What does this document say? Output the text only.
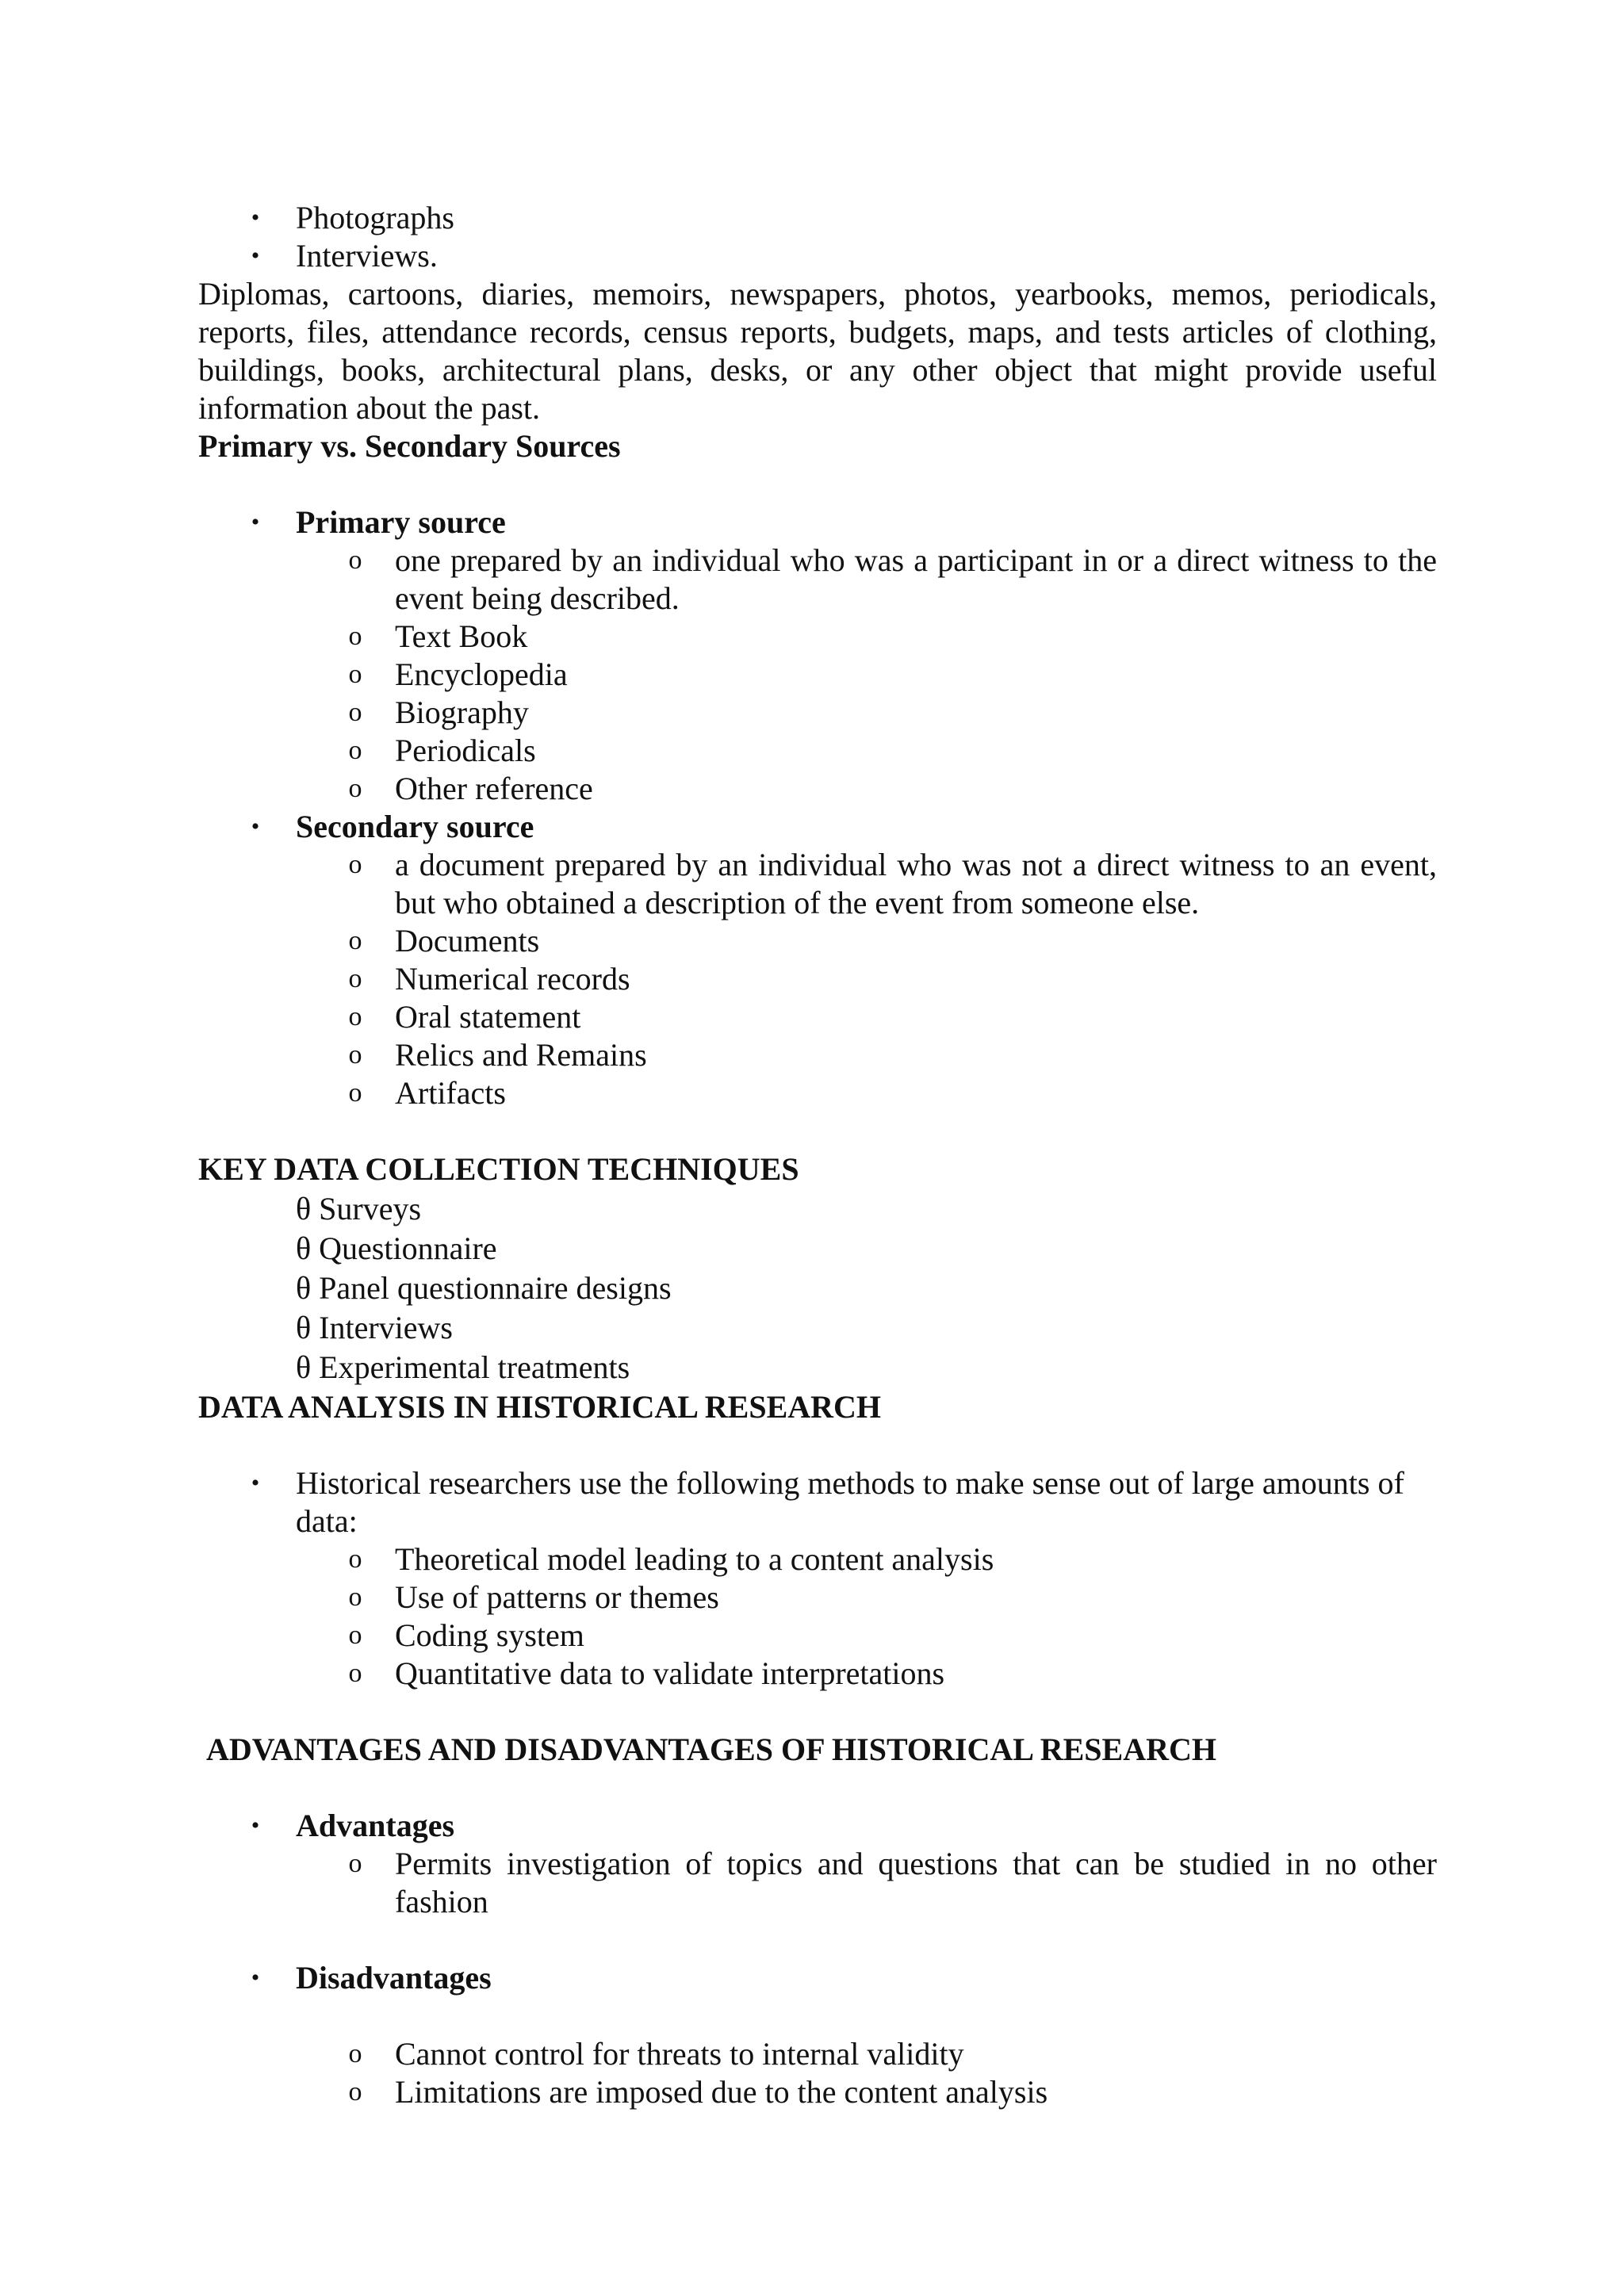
• Photographs
• Interviews.
Diplomas, cartoons, diaries, memoirs, newspapers, photos, yearbooks, memos, periodicals,
reports, files, attendance records, census reports, budgets, maps, and tests articles of clothing,
buildings, books, architectural plans, desks, or any other object that might provide useful
information about the past.
Primary vs. Secondary Sources
• Primary source
o one prepared by an individual who was a participant in or a direct witness to the
event being described.
o Text Book
o Encyclopedia
o Biography
o Periodicals
o Other reference
• Secondary source
o a document prepared by an individual who was not a direct witness to an event,
but who obtained a description of the event from someone else.
o Documents
o Numerical records
o Oral statement
o Relics and Remains
o Artifacts
KEY DATA COLLECTION TECHNIQUES
θ Surveys
θ Questionnaire
θ Panel questionnaire designs
θ Interviews
θ Experimental treatments
DATA ANALYSIS IN HISTORICAL RESEARCH
• Historical researchers use the following methods to make sense out of large amounts of
data:
o Theoretical model leading to a content analysis
o Use of patterns or themes
o Coding system
o Quantitative data to validate interpretations
ADVANTAGES AND DISADVANTAGES OF HISTORICAL RESEARCH
• Advantages
o Permits investigation of topics and questions that can be studied in no other
fashion
• Disadvantages
o Cannot control for threats to internal validity
o Limitations are imposed due to the content analysis
